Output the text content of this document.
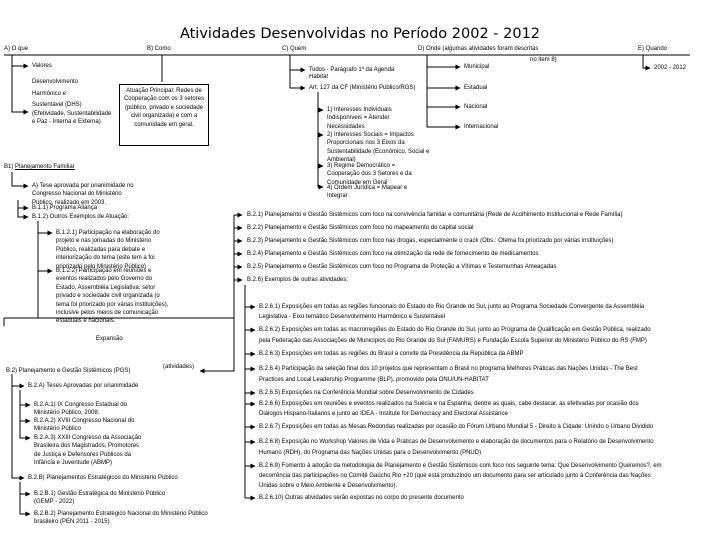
Atividades Desenvolvidas no Período 2002 - 2012
A) O que	B) Como	C) Quem	D) Onde (algumas atividades foram descritas
no item 8)
E) Quando
Valores
Desenvolvimento
Harmônico e
Sustentável (DHS)
(Efetividade, Sustentabilidade
e Paz - Interna e Externa)
Atuação Principal: Redes de Cooperação com os 3 setores (público, privado e sociedade civil organizada) e com a comunidade em geral.
Todos - Parágrafo 1º da Agenda
Habitat
Art. 127 da CF (Ministério Público/RGS)
1) Interesses Individuais Indisponíveis = Atender Necessidades
2) Interesses Sociais = Impactos Proporcionais nos 3 Eixos da Sustentabilidade (Econômico, Social e Ambiental)
3) Regime Democrático = Cooperação dos 3 Setores e da Comunidade em Geral
4) Ordem Jurídica = Mapear e Integrar
Municipal
Estadual
Nacional
Internacional
2002 - 2012
B1) Planejamento Familiar
A) Tese aprovada por unanimidade no Congresso Nacional do Ministério Público, realizado em 2003.
B.1.1) Programa Aliança
B.1.2) Outros Exemplos de Atuação:
B.1.2.1) Participação na elaboração do projeto e nas jornadas do Ministério Público, realizadas para debate e interiorização do tema (este tem a foi priorizado pelo Ministério Público)
B.1.2.2) Participação em reuniões e eventos realizados pelo Governo do Estado, Assembléia Legislativa, setor privado e sociedade civil organizada (o tema foi priorizado por várias instituições), inclusive pelos meios de comunicação estaduais e nacionais.
Expansão
(atividades)
B.2) Planejamento e Gestão Sistêmicos (PGS)
B.2.A) Teses Aprovadas por unanimidade
B.2.A.1) IX Congresso Estadual do Ministério Público, 2008.
B.2.A.2) XVIII Congresso Nacional do Ministério Público
B.2.A.3) XXIII Congresso da Associação Brasileira dos Magistrados, Promotores de Justiça e Defensores Públicos da Infância e Juventude (ABMP)
B.2.B) Planejamentos Estratégicos do Ministério Público
B.2.B.1) Gestão Estratégica do Ministério Público (GEMP - 2022)
B.2.B.2) Planejamento Estratégico Nacional do Ministério Público brasileiro (PEN 2011 - 2015)
B.2.1) Planejamento e Gestão Sistêmicos com foco na convivência familiar e comunitária (Rede de Acolhimento Institucional e Rede Família)
B.2.2) Planejamento e Gestão Sistêmicos com foco no mapeamento do capital social
B.2.3) Planejamento e Gestão Sistêmicos com foco nas drogas, especialmente o crack (Obs.: Otema foi priorizado por várias instituições)
B.2.4) Planejamento e Gestão Sistêmicos com foco na otimização da rede de fornecimento de medicamentos
B.2.5) Planejamento e Gestão Sistêmicos com foco no Programa de Proteção a Vítimas e Testemunhas Ameaçadas
B.2.6) Exemplos de outras atividades:
B.2.6.1) Exposições em todas as regiões funcionais do Estado do Rio Grande do Sul, junto ao Programa Sociedade Convergente da Assembléia
Legislativa - Eixo temático Desenvolvimento Harmônico e Sustentável
B.2.6.2) Exposições em todas as macrorregiões do Estado do Rio Grande do Sul, junto ao Programa de Qualificação em Gestão Pública, realizado
pela Federação das Associações de Municípios do Rio Grande do Sul (FAMURS) e Fundação Escola Superior do Ministério Público do RS (FMP)
B.2.6.3) Exposições em todas as regiões do Brasil a convite da Presidência da República da ABMP
B.2.6.4) Participação da seleção final dos 10 projetos que representam o Brasil no programa Melhores Práticas das Nações Unidas - The Best
Practices and Local Leadership Programme (BLP), promovido pela ONU/UN-HABITAT
B.2.6.5) Exposições na Conferência Mundial sobre Desenvolvimento de Cidades
B.2.6.6) Exposições em reuniões e eventos realizados na Suécia e na Espanha, dentre as quais, cabe destacar, as efetivadas por ocasião dos
Diálogos Hispano-Italianos e junto ao IDEA - Institute for Democracy and Electoral Assistance
B.2.6.7) Exposições em todas as Mesas Redondas realizadas por ocasião do Fórum Urbano Mundial 5 - Direito à Cidade: Unindo o Urbano Dividido
B.2.6.8) Exposição no Workshop Valores de Vida e Práticas de Desenvolvimento e elaboração de documentos para o Relatório de Desenvolvimento
Humano (RDH), do Programa das Nações Unidas para o Desenvolvimento (PNUD)
B.2.6.9) Fomento à adoção da metodologia de Planejamento e Gestão Sistêmicos com foco nos seguinte tema: Que Desenvolvimento Queremos?, em
decorrência das participações no Comitê Gaúcho Rio +20 (que está produzindo um documento para ser articulado junto à Conferência das Nações
Unidas sobre o Meio Ambiente e Desenvolvimento).
B.2.6.10) Outras atividades serão expostas no corpo do presente documento
